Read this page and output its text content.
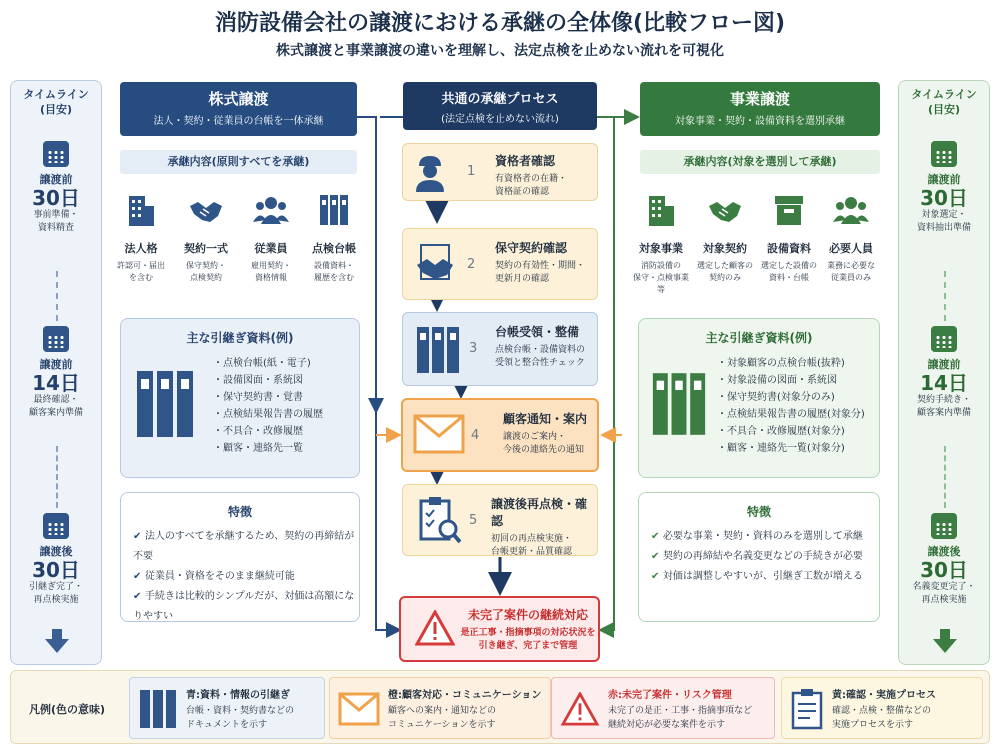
消防設備会社の譲渡における承継の全体像(比較フロー図)
株式譲渡と事業譲渡の違いを理解し、法定点検を止めない流れを可視化
タイムライン
(目安)
譲渡前
30日
事前準備・
資料精査
譲渡前
14日
最終確認・
顧客案内準備
譲渡後
30日
引継ぎ完了・
再点検実施
タイムライン
(目安)
譲渡前
30日
対象選定・
資料抽出準備
譲渡前
14日
契約手続き・
顧客案内準備
譲渡後
30日
名義変更完了・
再点検実施
株式譲渡
法人・契約・従業員の台帳を一体承継
共通の承継プロセス
(法定点検を止めない流れ)
事業譲渡
対象事業・契約・設備資料を選別承継
承継内容(原則すべてを承継)	承継内容(対象を選別して承継)
法人格
許認可・届出
を含む
契約一式
保守契約・
点検契約
従業員
雇用契約・
資格情報
点検台帳
設備資料・
履歴を含む
主な引継ぎ資料(例)
・ 点検台帳(紙・電子)
・ 設備図面・系統図
・ 保守契約書・覚書
・ 点検結果報告書の履歴
・ 不具合・改修履歴
・ 顧客・連絡先一覧
特徴
✔ 法人のすべてを承継するため、契約の再締結が不要
✔ 従業員・資格をそのまま継続可能
✔ 手続きは比較的シンプルだが、対価は高額になりやすい
対象事業
消防設備の
保守・点検事業等
対象契約
選定した顧客の
契約のみ
設備資料
選定した設備の
資料・台帳
必要人員
業務に必要な
従業員のみ
主な引継ぎ資料(例)
・ 対象顧客の点検台帳(抜粋)
・ 対象設備の図面・系統図
・ 保守契約書(対象分のみ)
・ 点検結果報告書の履歴(対象分)
・ 不具合・改修履歴(対象分)
・ 顧客・連絡先一覧(対象分)
特徴
✔ 必要な事業・契約・資料のみを選別して承継
✔ 契約の再締結や名義変更などの手続きが必要
✔ 対価は調整しやすいが、引継ぎ工数が増える
1
資格者確認
有資格者の在籍・
資格証の確認
2
保守契約確認
契約の有効性・期間・
更新月の確認
3
台帳受領・整備
点検台帳・設備資料の
受領と整合性チェック
4
顧客通知・案内
譲渡のご案内・
今後の連絡先の通知
5
譲渡後再点検・確認
初回の再点検実施・
台帳更新・品質確認
未完了案件の継続対応
是正工事・指摘事項の対応状況を
引き継ぎ、完了まで管理
凡例(色の意味)
青:資料・情報の引継ぎ
台帳・資料・契約書などの
ドキュメントを示す
橙:顧客対応・コミュニケーション
顧客への案内・通知などの
コミュニケーションを示す
赤:未完了案件・リスク管理
未完了の是正・工事・指摘事項など
継続対応が必要な案件を示す
黄:確認・実施プロセス
確認・点検・整備などの
実施プロセスを示す
